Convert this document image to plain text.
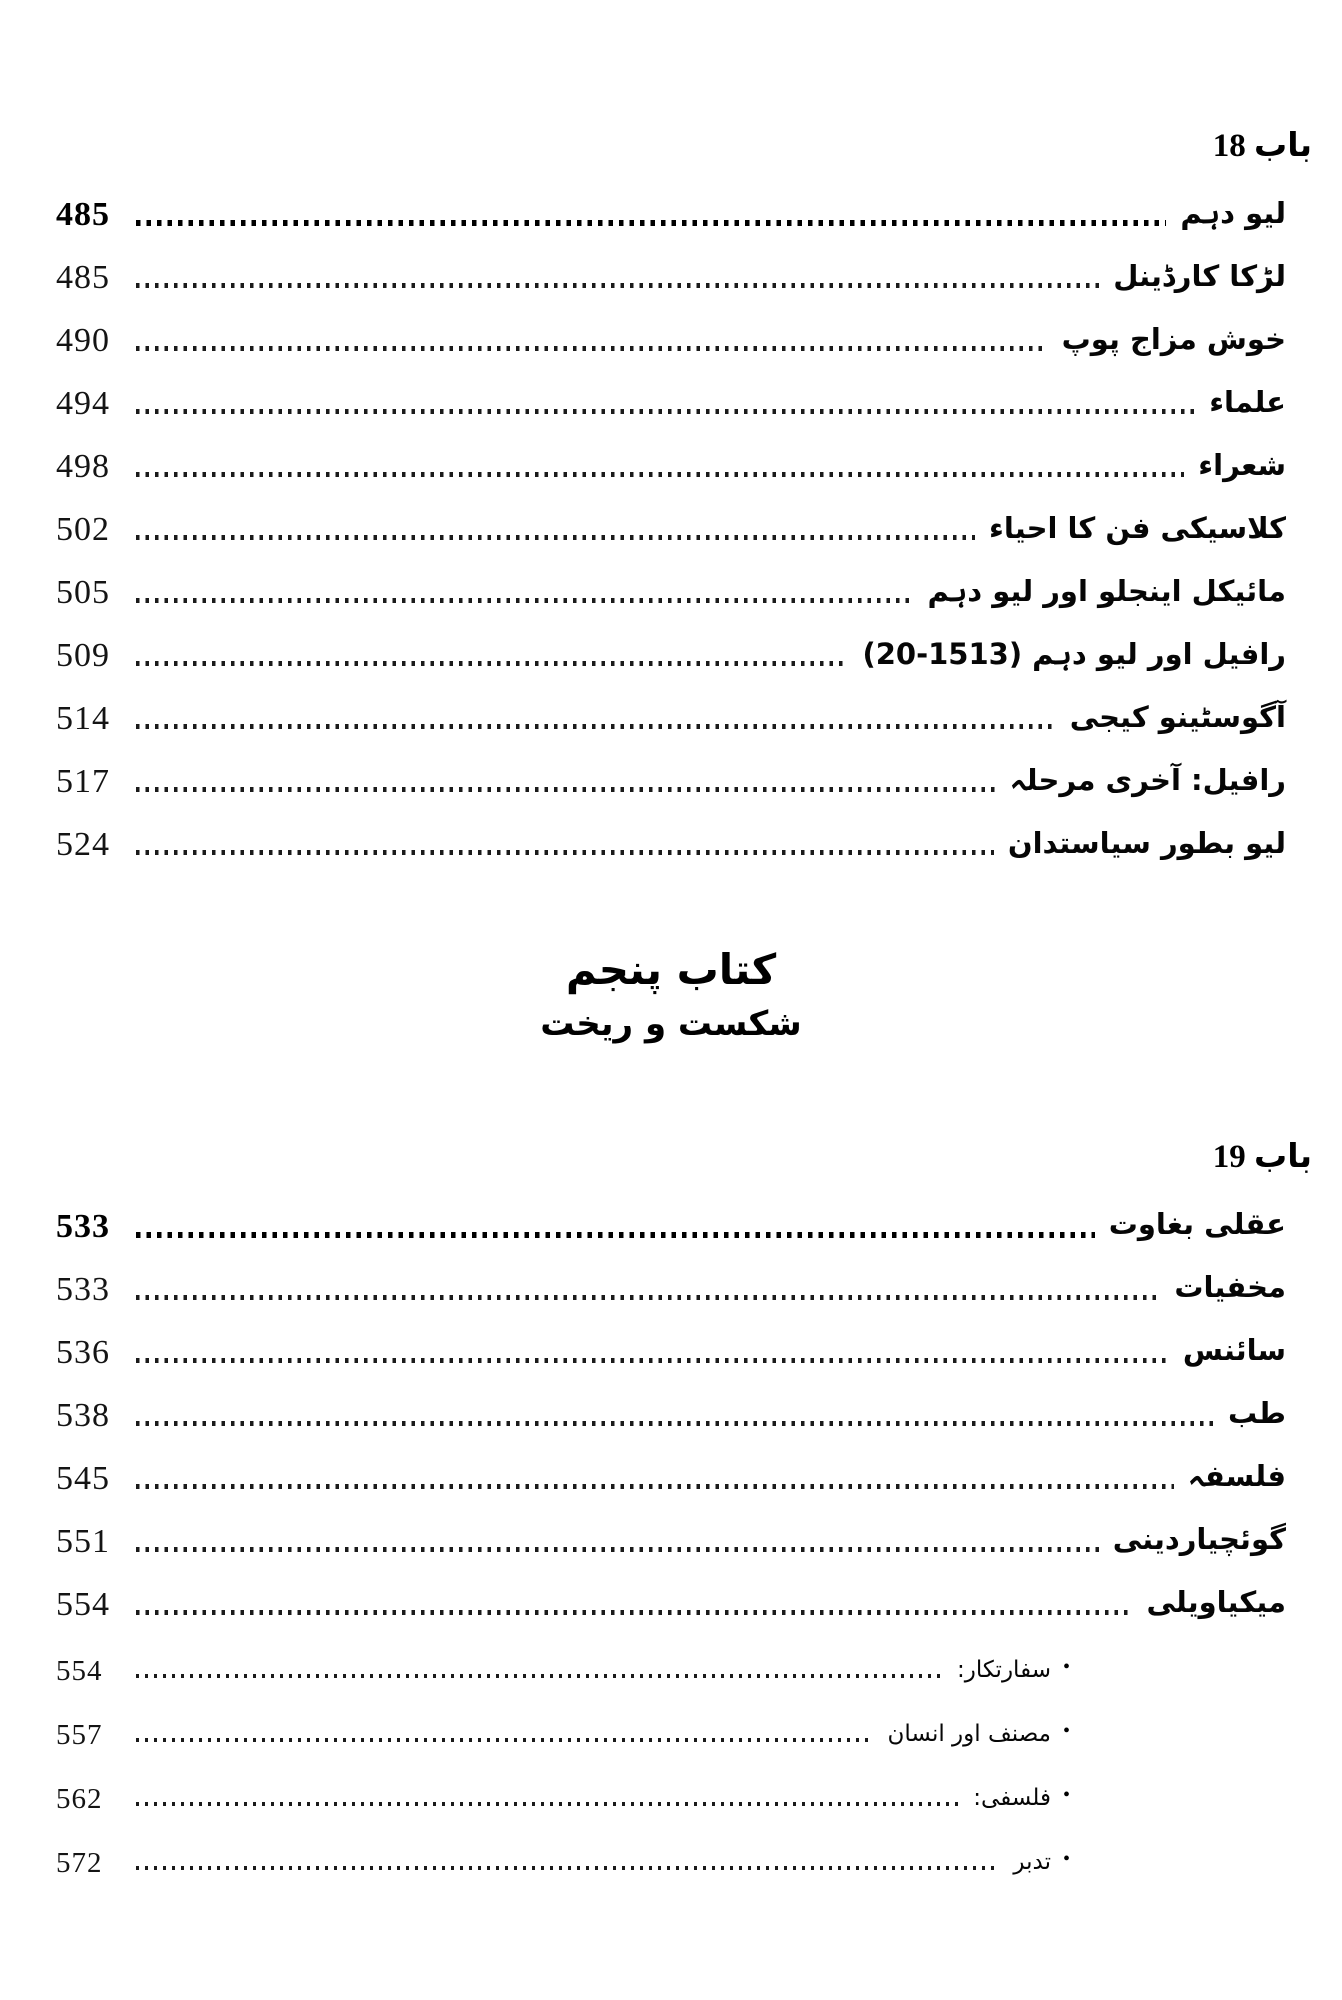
باب 18
485	لیو دہم
485	لڑکا کارڈینل
490	خوش مزاج پوپ
494	علماء
498	شعراء
502	کلاسیکی فن کا احیاء
505	مائیکل اینجلو اور لیو دہم
509	رافیل اور لیو دہم (1513-20)
514	آگوسٹینو کیجی
517	رافیل: آخری مرحلہ
524	لیو بطور سیاستدان
کتاب پنجم
شکست و ریخت
باب 19
533	عقلی بغاوت
533	مخفیات
536	سائنس
538	طب
545	فلسفہ
551	گوئچیاردینی
554	میکیاویلی
554	سفارتکار: •
557	مصنف اور انسان •
562	فلسفی: •
572	تدبر •
